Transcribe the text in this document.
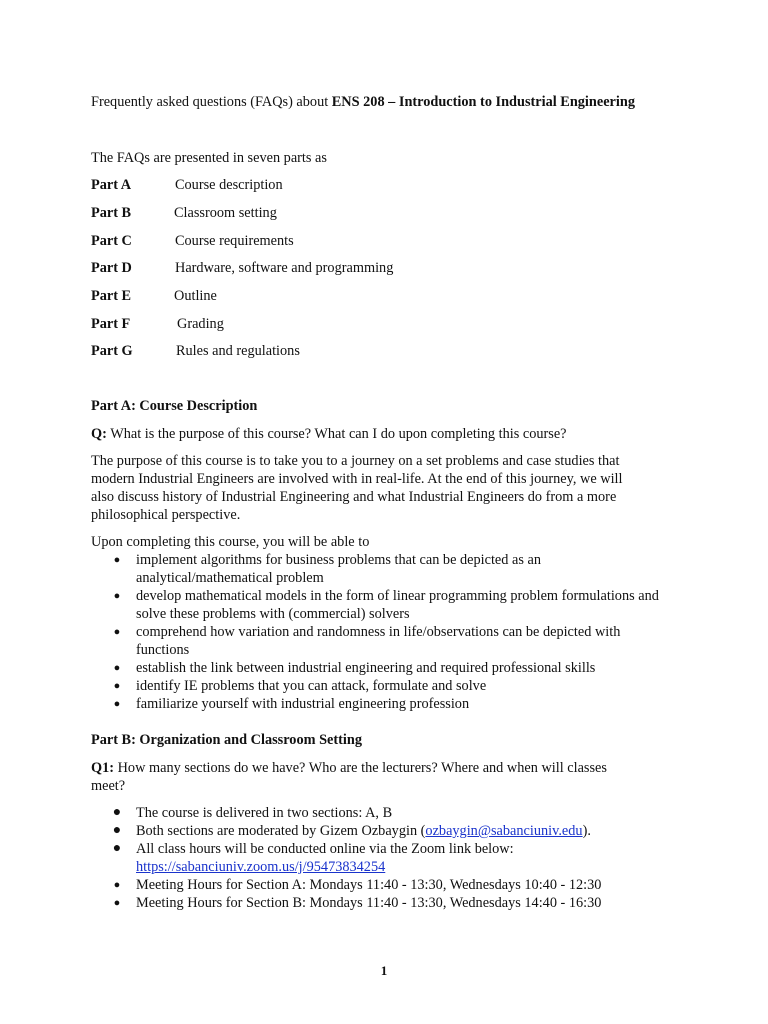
Frequently asked questions (FAQs) about ENS 208 – Introduction to Industrial Engineering
The FAQs are presented in seven parts as
Part A	Course description
Part B	Classroom setting
Part C	Course requirements
Part D	Hardware, software and programming
Part E	Outline
Part F	Grading
Part G	Rules and regulations
Part A: Course Description
Q: What is the purpose of this course? What can I do upon completing this course?
The purpose of this course is to take you to a journey on a set problems and case studies that
modern Industrial Engineers are involved with in real-life. At the end of this journey, we will
also discuss history of Industrial Engineering and what Industrial Engineers do from a more
philosophical perspective.
Upon completing this course, you will be able to
● implement algorithms for business problems that can be depicted as an analytical/mathematical problem
● develop mathematical models in the form of linear programming problem formulations and solve these problems with (commercial) solvers
● comprehend how variation and randomness in life/observations can be depicted with functions
● establish the link between industrial engineering and required professional skills
● identify IE problems that you can attack, formulate and solve
● familiarize yourself with industrial engineering profession
Part B: Organization and Classroom Setting
Q1: How many sections do we have? Who are the lecturers? Where and when will classes
meet?
● The course is delivered in two sections: A, B
● Both sections are moderated by Gizem Ozbaygin (ozbaygin@sabanciuniv.edu).
● All class hours will be conducted online via the Zoom link below:
https://sabanciuniv.zoom.us/j/95473834254
● Meeting Hours for Section A: Mondays 11:40 - 13:30, Wednesdays 10:40 - 12:30
● Meeting Hours for Section B: Mondays 11:40 - 13:30, Wednesdays 14:40 - 16:30
1
